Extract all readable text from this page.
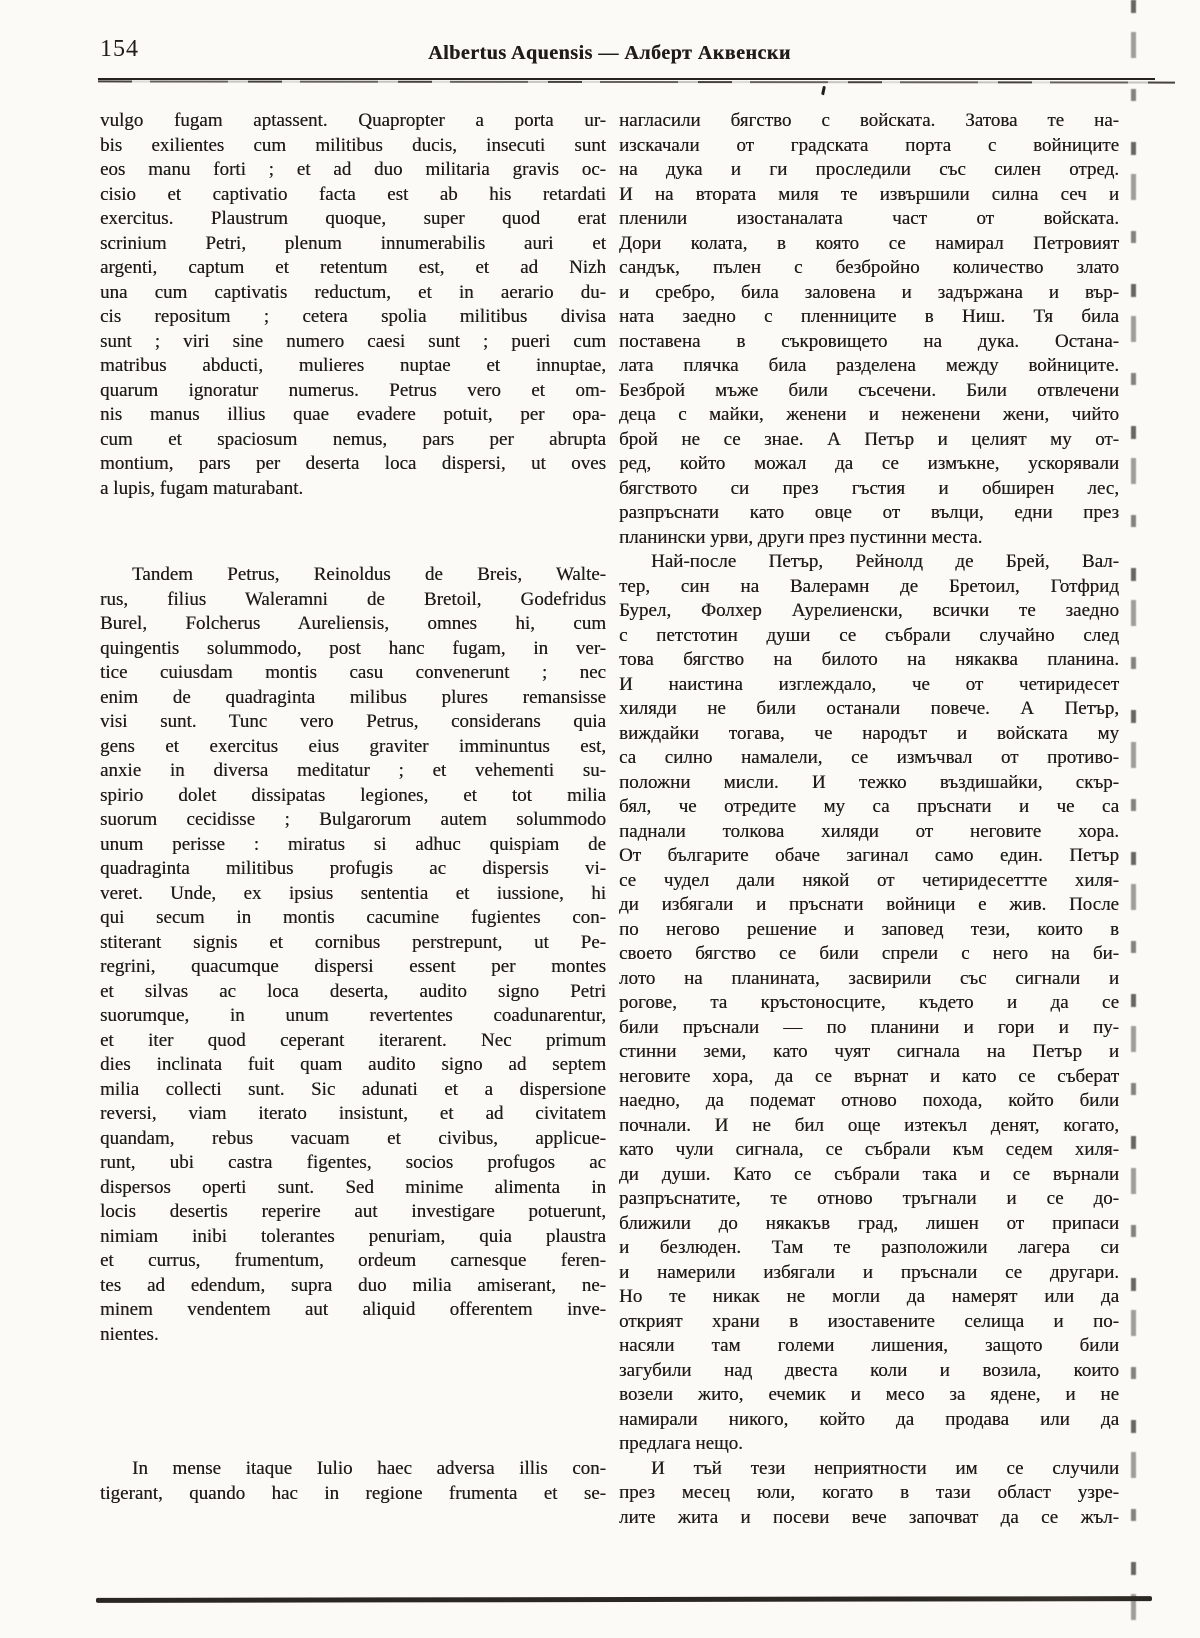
154	Albertus Aquensis — Алберт Аквенски
vulgo fugam aptassent. Quapropter a porta ur-
bis exilientes cum militibus ducis, insecuti sunt
eos manu forti ; et ad duo militaria gravis oc-
cisio et captivatio facta est ab his retardati
exercitus. Plaustrum quoque, super quod erat
scrinium Petri, plenum innumerabilis auri et
argenti, captum et retentum est, et ad Nizh
una cum captivatis reductum, et in aerario du-
cis repositum ; cetera spolia militibus divisa
sunt ; viri sine numero caesi sunt ; pueri cum
matribus abducti, mulieres nuptae et innuptae,
quarum ignoratur numerus. Petrus vero et om-
nis manus illius quae evadere potuit, per opa-
cum et spaciosum nemus, pars per abrupta
montium, pars per deserta loca dispersi, ut oves
a lupis, fugam maturabant.
Tandem Petrus, Reinoldus de Breis, Walte-
rus, filius Waleramni de Bretoil, Godefridus
Burel, Folcherus Aureliensis, omnes hi, cum
quingentis solummodo, post hanc fugam, in ver-
tice cuiusdam montis casu convenerunt ; nec
enim de quadraginta milibus plures remansisse
visi sunt. Tunc vero Petrus, considerans quia
gens et exercitus eius graviter imminuntus est,
anxie in diversa meditatur ; et vehementi su-
spirio dolet dissipatas legiones, et tot milia
suorum cecidisse ; Bulgarorum autem solummodo
unum perisse : miratus si adhuc quispiam de
quadraginta militibus profugis ac dispersis vi-
veret. Unde, ex ipsius sententia et iussione, hi
qui secum in montis cacumine fugientes con-
stiterant signis et cornibus perstrepunt, ut Pe-
regrini, quacumque dispersi essent per montes
et silvas ac loca deserta, audito signo Petri
suorumque, in unum revertentes coadunarentur,
et iter quod ceperant iterarent. Nec primum
dies inclinata fuit quam audito signo ad septem
milia collecti sunt. Sic adunati et a dispersione
reversi, viam iterato insistunt, et ad civitatem
quandam, rebus vacuam et civibus, applicue-
runt, ubi castra figentes, socios profugos ac
dispersos operti sunt. Sed minime alimenta in
locis desertis reperire aut investigare potuerunt,
nimiam inibi tolerantes penuriam, quia plaustra
et currus, frumentum, ordeum carnesque feren-
tes ad edendum, supra duo milia amiserant, ne-
minem vendentem aut aliquid offerentem inve-
nientes.
In mense itaque Iulio haec adversa illis con-
tigerant, quando hac in regione frumenta et se-
нагласили бягство с войската. Затова те на-
изскачали от градската порта с войниците
на дука и ги проследили със силен отред.
И на втората миля те извършили силна сеч и
пленили изостаналата част от войската.
Дори колата, в която се намирал Петровият
сандък, пълен с безбройно количество злато
и сребро, била заловена и задържана и вър-
ната заедно с пленниците в Ниш. Тя била
поставена в съкровището на дука. Остана-
лата плячка била разделена между войниците.
Безброй мъже били съсечени. Били отвлечени
деца с майки, женени и неженени жени, чийто
брой не се знае. А Петър и целият му от-
ред, който можал да се измъкне, ускорявали
бягството си през гъстия и обширен лес,
разпръснати като овце от вълци, едни през
планински урви, други през пустинни места.
Най-после Петър, Рейнолд де Брей, Вал-
тер, син на Валерамн де Бретоил, Готфрид
Бурел, Фолхер Аурелиенски, всички те заедно
с петстотин души се събрали случайно след
това бягство на билото на някаква планина.
И наистина изглеждало, че от четиридесет
хиляди не били останали повече. А Петър,
виждайки тогава, че народът и войската му
са силно намалели, се измъчвал от противо-
положни мисли. И тежко въздишайки, скър-
бял, че отредите му са пръснати и че са
паднали толкова хиляди от неговите хора.
От българите обаче загинал само един. Петър
се чудел дали някой от четиридесеттте хиля-
ди избягали и пръснати войници е жив. После
по негово решение и заповед тези, които в
своето бягство се били спрели с него на би-
лото на планината, засвирили със сигнали и
рогове, та кръстоносците, където и да се
били пръснали — по планини и гори и пу-
стинни земи, като чуят сигнала на Петър и
неговите хора, да се върнат и като се съберат
наедно, да подемат отново похода, който били
почнали. И не бил още изтекъл денят, когато,
като чули сигнала, се събрали към седем хиля-
ди души. Като се събрали така и се върнали
разпръснатите, те отново тръгнали и се до-
ближили до някакъв град, лишен от припаси
и безлюден. Там те разположили лагера си
и намерили избягали и пръснали се другари.
Но те никак не могли да намерят или да
открият храни в изоставените селища и по-
насяли там големи лишения, защото били
загубили над двеста коли и возила, които
возели жито, ечемик и месо за ядене, и не
намирали никого, който да продава или да
предлага нещо.
И тъй тези неприятности им се случили
през месец юли, когато в тази област узре-
лите жита и посеви вече започват да се жъл-
